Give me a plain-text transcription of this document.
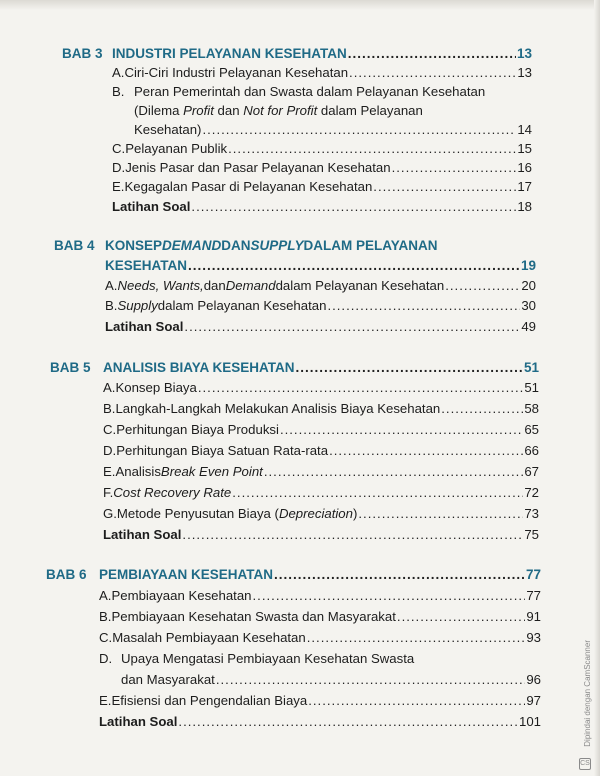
BAB 3 INDUSTRI PELAYANAN KESEHATAN .....	13
A. Ciri-Ciri Industri Pelayanan Kesehatan .....	13
B. Peran Pemerintah dan Swasta dalam Pelayanan Kesehatan
(Dilema Profit dan Not for Profit dalam Pelayanan
Kesehatan) .....	14
C. Pelayanan Publik .....	15
D. Jenis Pasar dan Pasar Pelayanan Kesehatan .....	16
E. Kegagalan Pasar di Pelayanan Kesehatan .....	17
Latihan Soal .....	18
BAB 4 KONSEP DEMAND DAN SUPPLY DALAM PELAYANAN
KESEHATAN .....	19
A. Needs, Wants, dan Demand dalam Pelayanan Kesehatan .....	20
B. Supply dalam Pelayanan Kesehatan .....	30
Latihan Soal .....	49
BAB 5 ANALISIS BIAYA KESEHATAN .....	51
A. Konsep Biaya .....	51
B. Langkah-Langkah Melakukan Analisis Biaya Kesehatan .....	58
C. Perhitungan Biaya Produksi .....	65
D. Perhitungan Biaya Satuan Rata-rata .....	66
E. Analisis Break Even Point .....	67
F. Cost Recovery Rate .....	72
G. Metode Penyusutan Biaya ( Depreciation ) .....	73
Latihan Soal .....	75
BAB 6 PEMBIAYAAN KESEHATAN .....	77
A. Pembiayaan Kesehatan .....	77
B. Pembiayaan Kesehatan Swasta dan Masyarakat .....	91
C. Masalah Pembiayaan Kesehatan .....	93
D. Upaya Mengatasi Pembiayaan Kesehatan Swasta
dan Masyarakat .....	96
E. Efisiensi dan Pengendalian Biaya .....	97
Latihan Soal .....	101	Dipindai dengan CamScanner
CS
